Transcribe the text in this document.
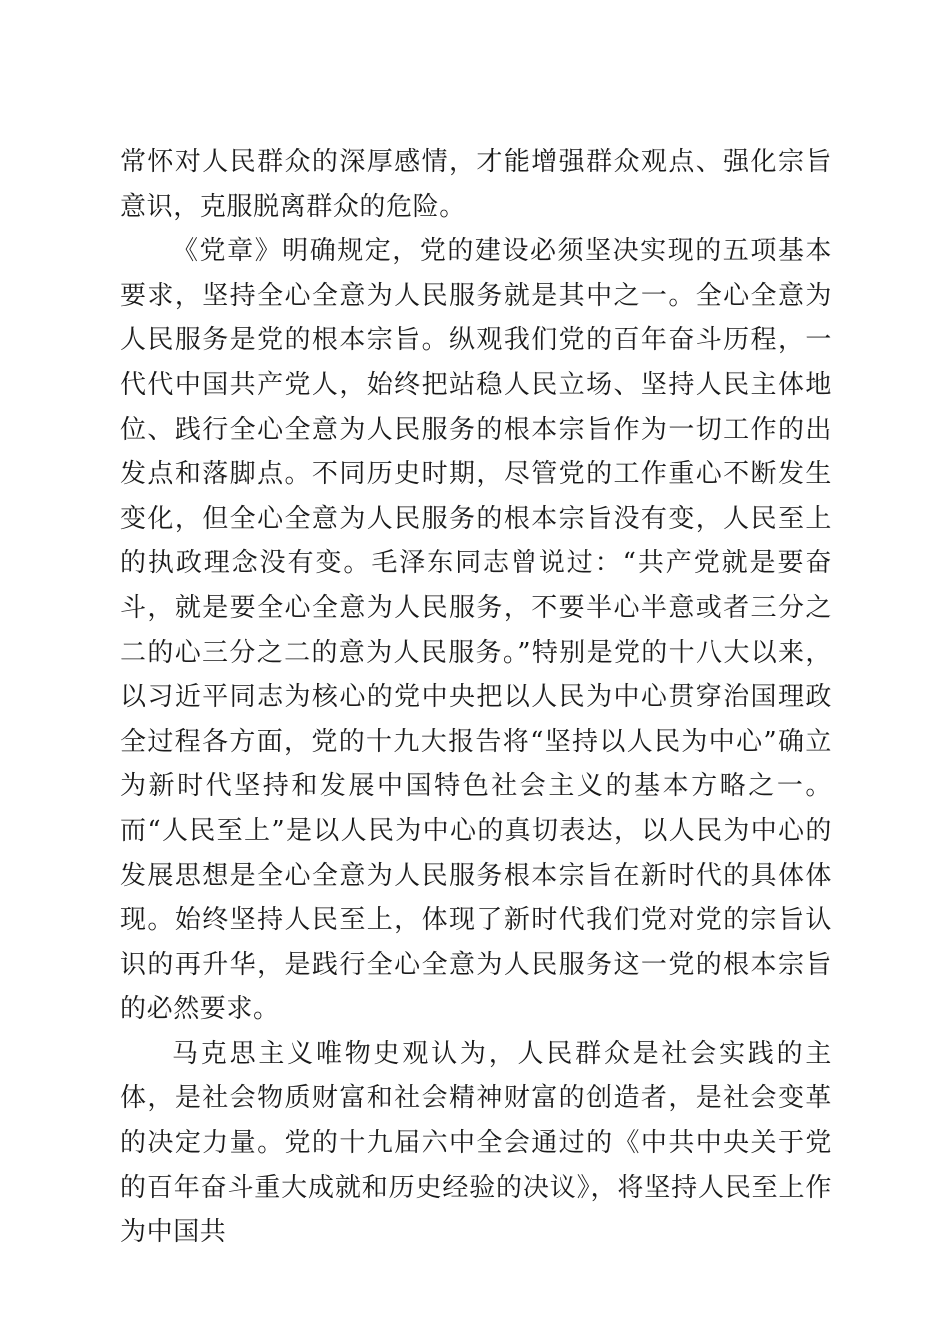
常怀对人民群众的深厚感情，才能增强群众观点、强化宗旨意识，克服脱离群众的危险。

《党章》明确规定，党的建设必须坚决实现的五项基本要求，坚持全心全意为人民服务就是其中之一。全心全意为人民服务是党的根本宗旨。纵观我们党的百年奋斗历程，一代代中国共产党人，始终把站稳人民立场、坚持人民主体地位、践行全心全意为人民服务的根本宗旨作为一切工作的出发点和落脚点。不同历史时期，尽管党的工作重心不断发生变化，但全心全意为人民服务的根本宗旨没有变，人民至上的执政理念没有变。毛泽东同志曾说过：“共产党就是要奋斗，就是要全心全意为人民服务，不要半心半意或者三分之二的心三分之二的意为人民服务。”特别是党的十八大以来，以习近平同志为核心的党中央把以人民为中心贯穿治国理政全过程各方面，党的十九大报告将“坚持以人民为中心”确立为新时代坚持和发展中国特色社会主义的基本方略之一。而“人民至上”是以人民为中心的真切表达，以人民为中心的发展思想是全心全意为人民服务根本宗旨在新时代的具体体现。始终坚持人民至上，体现了新时代我们党对党的宗旨认识的再升华，是践行全心全意为人民服务这一党的根本宗旨的必然要求。

马克思主义唯物史观认为，人民群众是社会实践的主体，是社会物质财富和社会精神财富的创造者，是社会变革的决定力量。党的十九届六中全会通过的《中共中央关于党的百年奋斗重大成就和历史经验的决议》，将坚持人民至上作为中国共
